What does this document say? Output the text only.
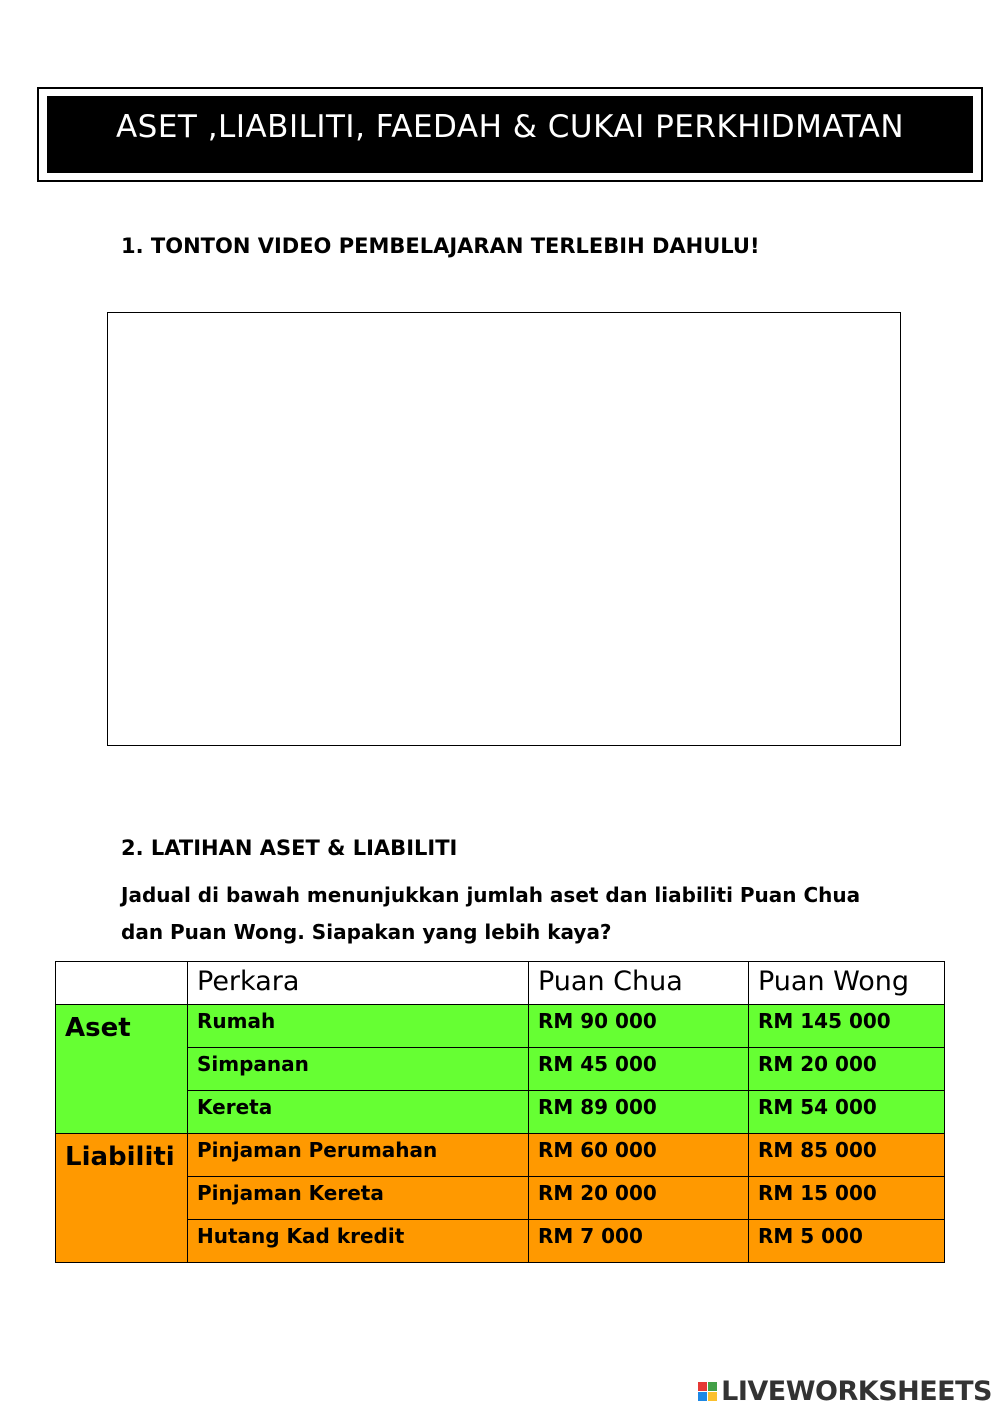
ASET ,LIABILITI, FAEDAH & CUKAI PERKHIDMATAN
1. TONTON VIDEO PEMBELAJARAN TERLEBIH DAHULU!
2. LATIHAN ASET & LIABILITI
Jadual di bawah menunjukkan jumlah aset dan liabiliti Puan Chua
dan Puan Wong. Siapakan yang lebih kaya?
	Perkara	Puan Chua	Puan Wong
Aset	Rumah	RM 90 000	RM 145 000
	Simpanan	RM 45 000	RM 20 000
	Kereta	RM 89 000	RM 54 000
Liabiliti	Pinjaman Perumahan	RM 60 000	RM 85 000
	Pinjaman Kereta	RM 20 000	RM 15 000
	Hutang Kad kredit	RM 7 000	RM 5 000
LIVEWORKSHEETS
